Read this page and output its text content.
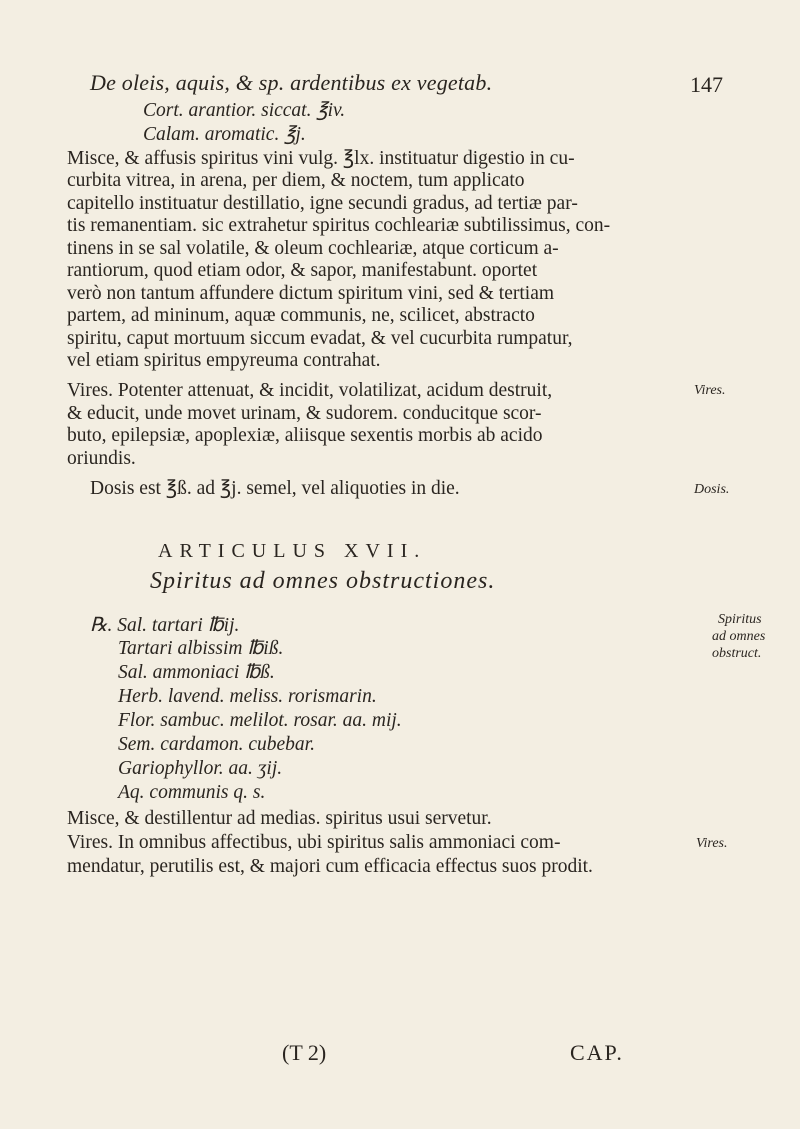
De oleis, aquis, & sp. ardentibus ex vegetab.	147
Cort. arantior. siccat. ℥iv.
Calam. aromatic. ℥j.
Misce, & affusis spiritus vini vulg. ℥lx. instituatur digestio in cu-
curbita vitrea, in arena, per diem, & noctem, tum applicato
capitello instituatur destillatio, igne secundi gradus, ad tertiæ par-
tis remanentiam. sic extrahetur spiritus cochleariæ subtilissimus, con-
tinens in se sal volatile, & oleum cochleariæ, atque corticum a-
rantiorum, quod etiam odor, & sapor, manifestabunt. oportet
verò non tantum affundere dictum spiritum vini, sed & tertiam
partem, ad mininum, aquæ communis, ne, scilicet, abstracto
spiritu, caput mortuum siccum evadat, & vel cucurbita rumpatur,
vel etiam spiritus empyreuma contrahat.
Vires. Potenter attenuat, & incidit, volatilizat, acidum destruit,
& educit, unde movet urinam, & sudorem. conducitque scor-
buto, epilepsiæ, apoplexiæ, aliisque sexentis morbis ab acido
oriundis.
Dosis est ℥ß. ad ℥j. semel, vel aliquoties in die.
Vires.
Dosis.
ARTICULUS XVII.
Spiritus ad omnes obstructiones.
Spiritus
ad omnes
obstruct.
℞. Sal. tartari ℔ij.
Tartari albissim ℔iß.
Sal. ammoniaci ℔ß.
Herb. lavend. meliss. rorismarin.
Flor. sambuc. melilot. rosar. aa. mij.
Sem. cardamon. cubebar.
Gariophyllor. aa. ʒij.
Aq. communis q. s.
Misce, & destillentur ad medias. spiritus usui servetur.
Vires. In omnibus affectibus, ubi spiritus salis ammoniaci com-
mendatur, perutilis est, & majori cum efficacia effectus suos prodit.
Vires.
(T 2)	CAP.
